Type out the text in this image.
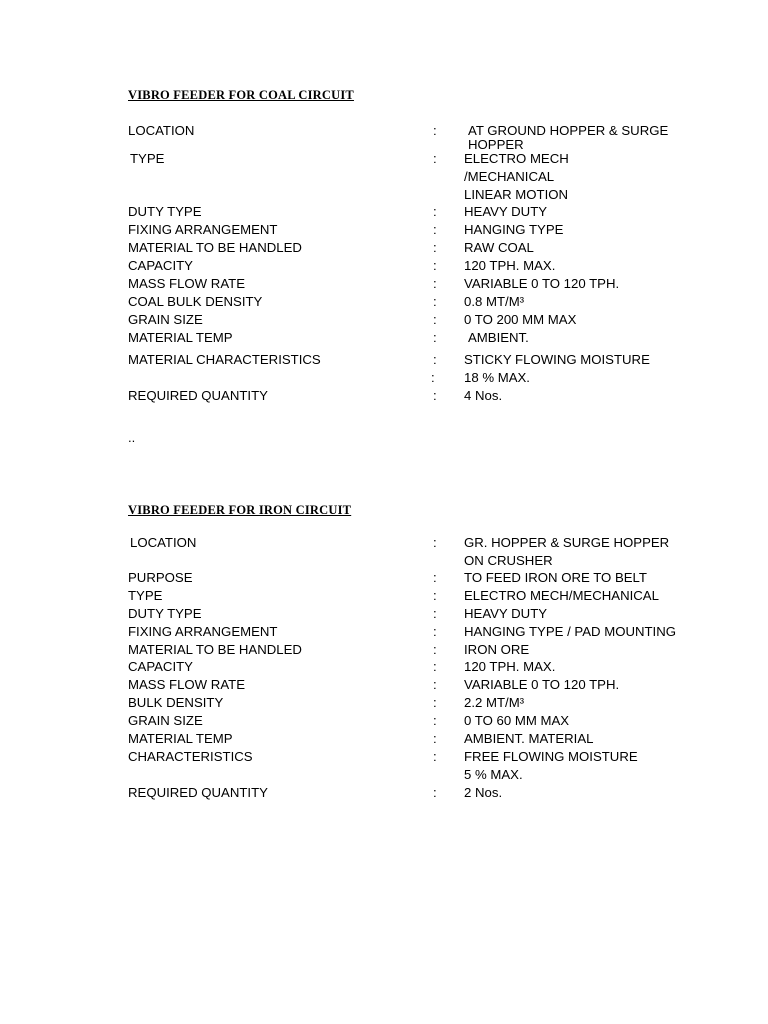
VIBRO FEEDER FOR COAL CIRCUIT
LOCATION	: AT GROUND HOPPER & SURGE
HOPPER
TYPE	: ELECTRO MECH
/MECHANICAL
LINEAR MOTION
DUTY TYPE	: HEAVY DUTY
FIXING ARRANGEMENT	: HANGING TYPE
MATERIAL TO BE HANDLED	: RAW COAL
CAPACITY	: 120 TPH. MAX.
MASS FLOW RATE	: VARIABLE 0 TO 120 TPH.
COAL BULK DENSITY	: 0.8 MT/M³
GRAIN SIZE	: 0 TO 200 MM MAX
MATERIAL TEMP	: AMBIENT.
MATERIAL CHARACTERISTICS	: STICKY FLOWING MOISTURE
: 18 % MAX.
REQUIRED QUANTITY	: 4 Nos.
..
VIBRO FEEDER FOR IRON CIRCUIT
LOCATION	: GR. HOPPER & SURGE HOPPER
ON CRUSHER
PURPOSE	: TO FEED IRON ORE TO BELT
TYPE	: ELECTRO MECH/MECHANICAL
DUTY TYPE	: HEAVY DUTY
FIXING ARRANGEMENT	: HANGING TYPE / PAD MOUNTING
MATERIAL TO BE HANDLED	: IRON ORE
CAPACITY	: 120 TPH. MAX.
MASS FLOW RATE	: VARIABLE 0 TO 120 TPH.
BULK DENSITY	: 2.2 MT/M³
GRAIN SIZE	: 0 TO 60 MM MAX
MATERIAL TEMP	: AMBIENT. MATERIAL
CHARACTERISTICS	: FREE FLOWING MOISTURE
5 % MAX.
REQUIRED QUANTITY	: 2 Nos.
